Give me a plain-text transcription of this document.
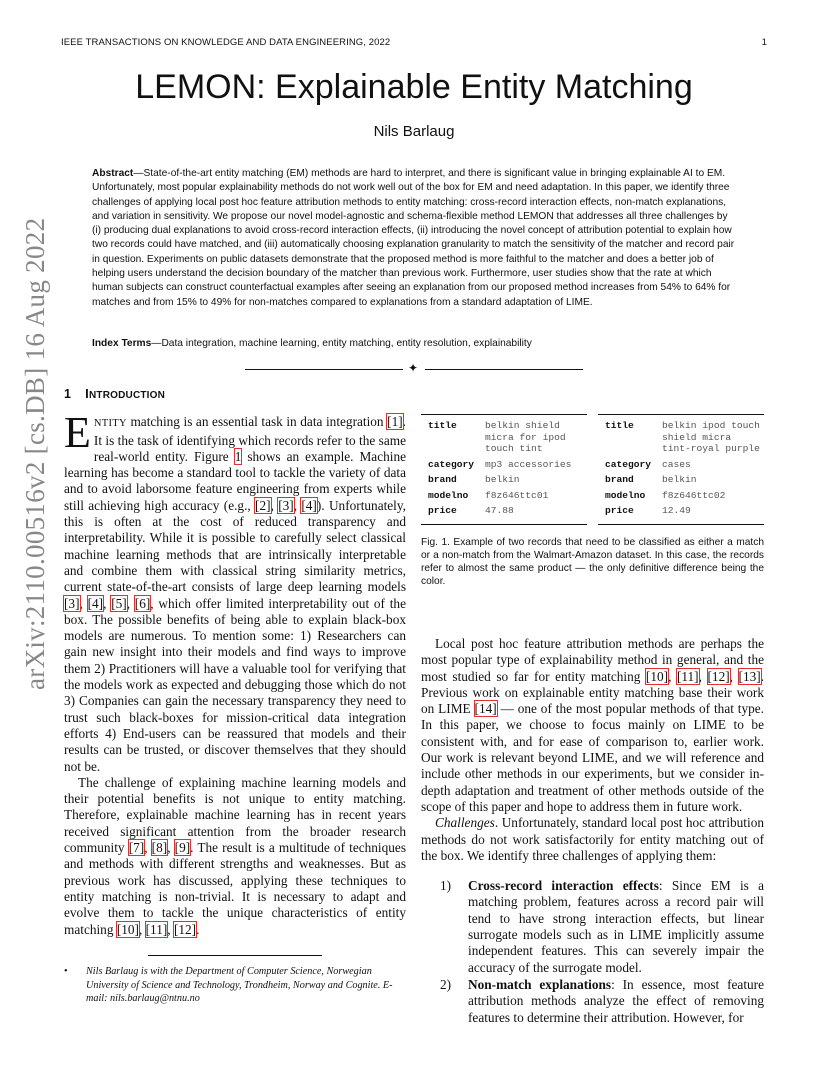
IEEE TRANSACTIONS ON KNOWLEDGE AND DATA ENGINEERING, 2022	1
LEMON: Explainable Entity Matching
Nils Barlaug
Abstract—State-of-the-art entity matching (EM) methods are hard to interpret, and there is significant value in bringing explainable AI to EM. Unfortunately, most popular explainability methods do not work well out of the box for EM and need adaptation. In this paper, we identify three challenges of applying local post hoc feature attribution methods to entity matching: cross-record interaction effects, non-match explanations, and variation in sensitivity. We propose our novel model-agnostic and schema-flexible method LEMON that addresses all three challenges by (i) producing dual explanations to avoid cross-record interaction effects, (ii) introducing the novel concept of attribution potential to explain how two records could have matched, and (iii) automatically choosing explanation granularity to match the sensitivity of the matcher and record pair in question. Experiments on public datasets demonstrate that the proposed method is more faithful to the matcher and does a better job of helping users understand the decision boundary of the matcher than previous work. Furthermore, user studies show that the rate at which human subjects can construct counterfactual examples after seeing an explanation from our proposed method increases from 54% to 64% for matches and from 15% to 49% for non-matches compared to explanations from a standard adaptation of LIME.
Index Terms—Data integration, machine learning, entity matching, entity resolution, explainability
✦
arXiv:2110.00516v2 [cs.DB] 16 Aug 2022 1 INTRODUCTION

ENTITY matching is an essential task in data integration [1]. It is the task of identifying which records refer to the same real-world entity. Figure 1 shows an example. Machine learning has become a standard tool to tackle the variety of data and to avoid laborsome feature engineering from experts while still achieving high accuracy (e.g., [2], [3], [4]). Unfortunately, this is often at the cost of reduced transparency and interpretability. While it is possible to carefully select classical machine learning methods that are intrinsically interpretable and combine them with classical string similarity metrics, current state-of-the-art consists of large deep learning models [3], [4], [5], [6], which offer limited interpretability out of the box. The possible benefits of being able to explain black-box models are numerous. To mention some: 1) Researchers can gain new insight into their models and find ways to improve them 2) Practitioners will have a valuable tool for verifying that the models work as expected and debugging those which do not 3) Companies can gain the necessary transparency they need to trust such black-boxes for mission-critical data integration efforts 4) End-users can be reassured that models and their results can be trusted, or discover themselves that they should not be.

The challenge of explaining machine learning models and their potential benefits is not unique to entity matching. Therefore, explainable machine learning has in recent years received significant attention from the broader research community [7], [8], [9]. The result is a multitude of techniques and methods with different strengths and weaknesses. But as previous work has discussed, applying these techniques to entity matching is non-trivial. It is necessary to adapt and evolve them to tackle the unique characteristics of entity matching [10], [11], [12].

• Nils Barlaug is with the Department of Computer Science, Norwegian University of Science and Technology, Trondheim, Norway and Cognite. E-mail: nils.barlaug@ntnu.no
title	belkin shield micra for ipod touch tint
category	mp3 accessories
brand	belkin
modelno	f8z646ttc01
price	47.88
title	belkin ipod touch shield micra tint-royal purple
category	cases
brand	belkin
modelno	f8z646ttc02
price	12.49
Fig. 1. Example of two records that need to be classified as either a match or a non-match from the Walmart-Amazon dataset. In this case, the records refer to almost the same product — the only definitive difference being the color.

Local post hoc feature attribution methods are perhaps the most popular type of explainability method in general, and the most studied so far for entity matching [10], [11], [12], [13]. Previous work on explainable entity matching base their work on LIME [14] — one of the most popular methods of that type. In this paper, we choose to focus mainly on LIME to be consistent with, and for ease of comparison to, earlier work. Our work is relevant beyond LIME, and we will reference and include other methods in our experiments, but we consider in-depth adaptation and treatment of other methods outside of the scope of this paper and hope to address them in future work.

Challenges. Unfortunately, standard local post hoc attribution methods do not work satisfactorily for entity matching out of the box. We identify three challenges of applying them:

1)	Cross-record interaction effects: Since EM is a matching problem, features across a record pair will tend to have strong interaction effects, but linear surrogate models such as in LIME implicitly assume independent features. This can severely impair the accuracy of the surrogate model.
2)	Non-match explanations: In essence, most feature attribution methods analyze the effect of removing features to determine their attribution. However, for
